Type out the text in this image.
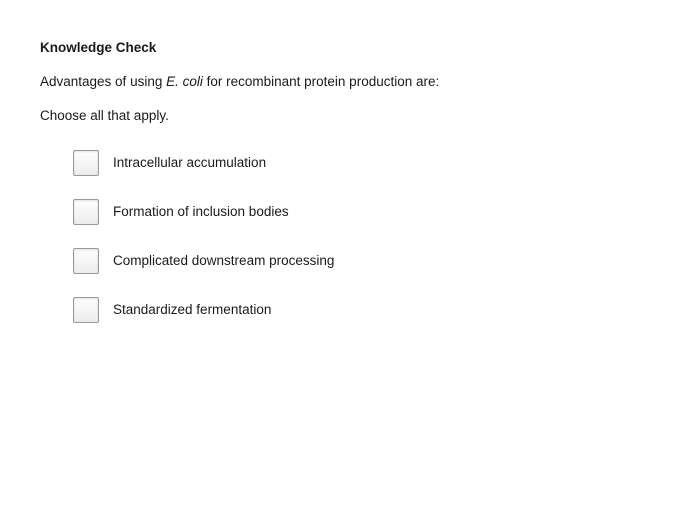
Knowledge Check

Advantages of using E. coli for recombinant protein production are:

Choose all that apply.

Intracellular accumulation
Formation of inclusion bodies
Complicated downstream processing
Standardized fermentation
